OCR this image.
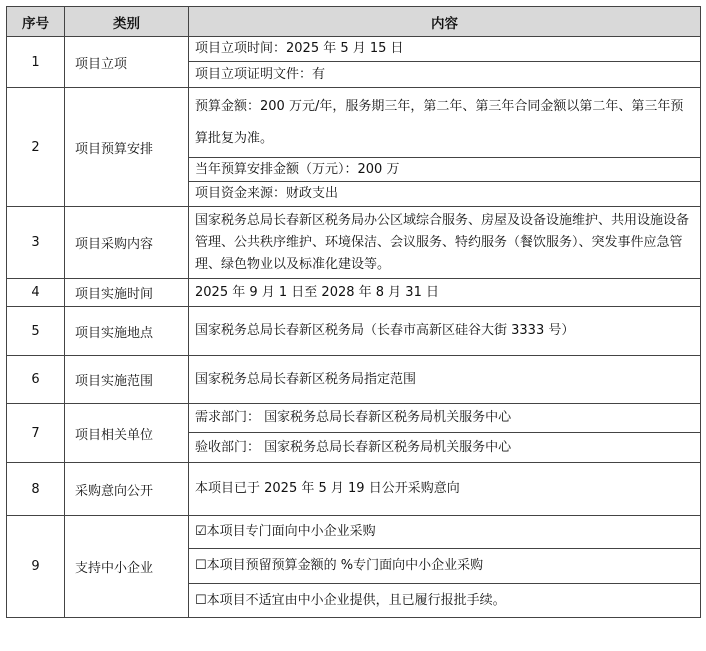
序号	类别	内容
1	项目立项	项目立项时间：2025 年 5 月 15 日
		项目立项证明文件：有
2	项目预算安排	预算金额：200 万元/年，服务期三年，第二年、第三年合同金额以第二年、第三年预算批复为准。
		当年预算安排金额（万元）：200 万
		项目资金来源：财政支出
3	项目采购内容	国家税务总局长春新区税务局办公区域综合服务、房屋及设备设施维护、共用设施设备管理、公共秩序维护、环境保洁、会议服务、特约服务（餐饮服务）、突发事件应急管理、绿色物业以及标准化建设等。
4	项目实施时间	2025 年 9 月 1 日至 2028 年 8 月 31 日
5	项目实施地点	国家税务总局长春新区税务局（长春市高新区硅谷大街 3333 号）
6	项目实施范围	国家税务总局长春新区税务局指定范围
7	项目相关单位	需求部门： 国家税务总局长春新区税务局机关服务中心
		验收部门： 国家税务总局长春新区税务局机关服务中心
8	采购意向公开	本项目已于 2025 年 5 月 19 日公开采购意向
9	支持中小企业	☑本项目专门面向中小企业采购
		☐本项目预留预算金额的 %专门面向中小企业采购
		☐本项目不适宜由中小企业提供，且已履行报批手续。
